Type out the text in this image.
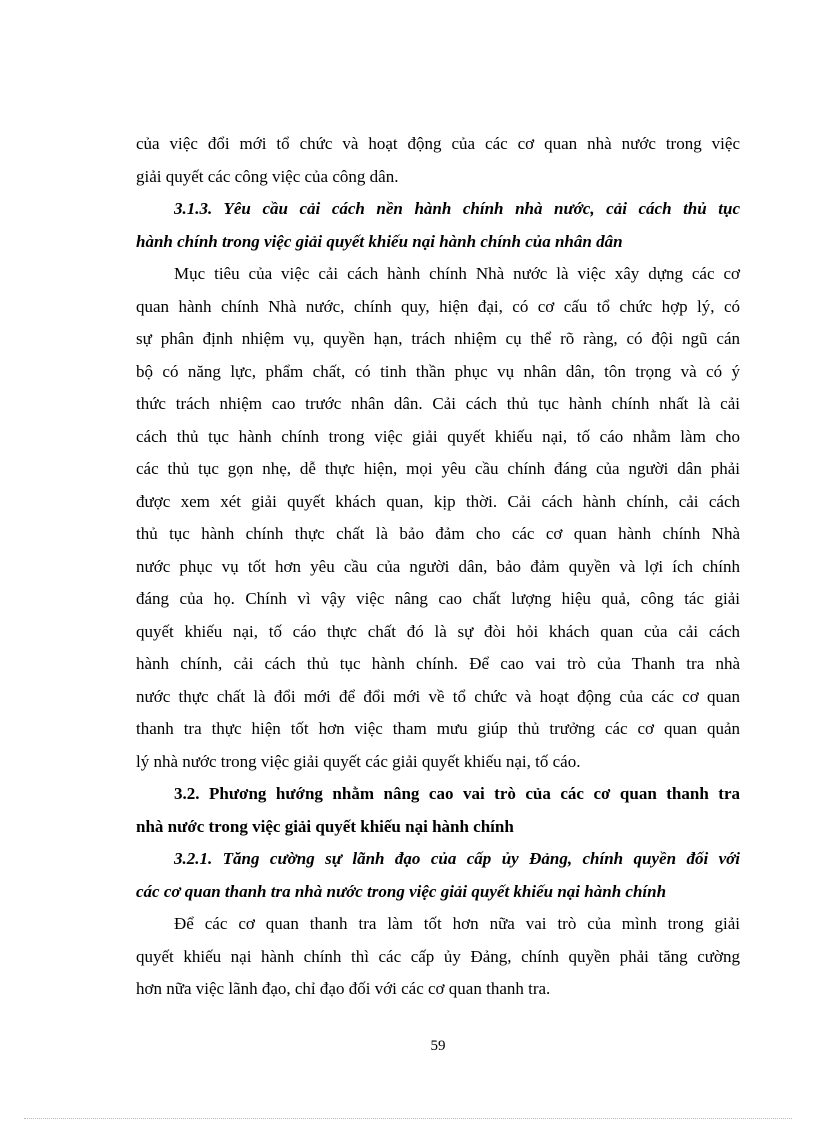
của việc đổi mới tổ chức và hoạt động của các cơ quan nhà nước trong việc
giải quyết các công việc của công dân.
3.1.3. Yêu cầu cải cách nền hành chính nhà nước, cải cách thủ tục
hành chính trong việc giải quyết khiếu nại hành chính của nhân dân
Mục tiêu của việc cải cách hành chính Nhà nước là việc xây dựng các cơ
quan hành chính Nhà nước, chính quy, hiện đại, có cơ cấu tổ chức hợp lý, có
sự phân định nhiệm vụ, quyền hạn, trách nhiệm cụ thể rõ ràng, có đội ngũ cán
bộ có năng lực, phẩm chất, có tinh thần phục vụ nhân dân, tôn trọng và có ý
thức trách nhiệm cao trước nhân dân. Cải cách thủ tục hành chính nhất là cải
cách thủ tục hành chính trong việc giải quyết khiếu nại, tố cáo nhằm làm cho
các thủ tục gọn nhẹ, dễ thực hiện, mọi yêu cầu chính đáng của người dân phải
được xem xét giải quyết khách quan, kịp thời. Cải cách hành chính, cải cách
thủ tục hành chính thực chất là bảo đảm cho các cơ quan hành chính Nhà
nước phục vụ tốt hơn yêu cầu của người dân, bảo đảm quyền và lợi ích chính
đáng của họ. Chính vì vậy việc nâng cao chất lượng hiệu quả, công tác giải
quyết khiếu nại, tố cáo thực chất đó là sự đòi hỏi khách quan của cải cách
hành chính, cải cách thủ tục hành chính. Để cao vai trò của Thanh tra nhà
nước thực chất là đổi mới để đổi mới về tổ chức và hoạt động của các cơ quan
thanh tra thực hiện tốt hơn việc tham mưu giúp thủ trưởng các cơ quan quản
lý nhà nước trong việc giải quyết các giải quyết khiếu nại, tố cáo.
3.2. Phương hướng nhằm nâng cao vai trò của các cơ quan thanh tra
nhà nước trong việc giải quyết khiếu nại hành chính
3.2.1. Tăng cường sự lãnh đạo của cấp ủy Đảng, chính quyền đối với
các cơ quan thanh tra nhà nước trong việc giải quyết khiếu nại hành chính
Để các cơ quan thanh tra làm tốt hơn nữa vai trò của mình trong giải
quyết khiếu nại hành chính thì các cấp ủy Đảng, chính quyền phải tăng cường
hơn nữa việc lãnh đạo, chỉ đạo đối với các cơ quan thanh tra.
59
